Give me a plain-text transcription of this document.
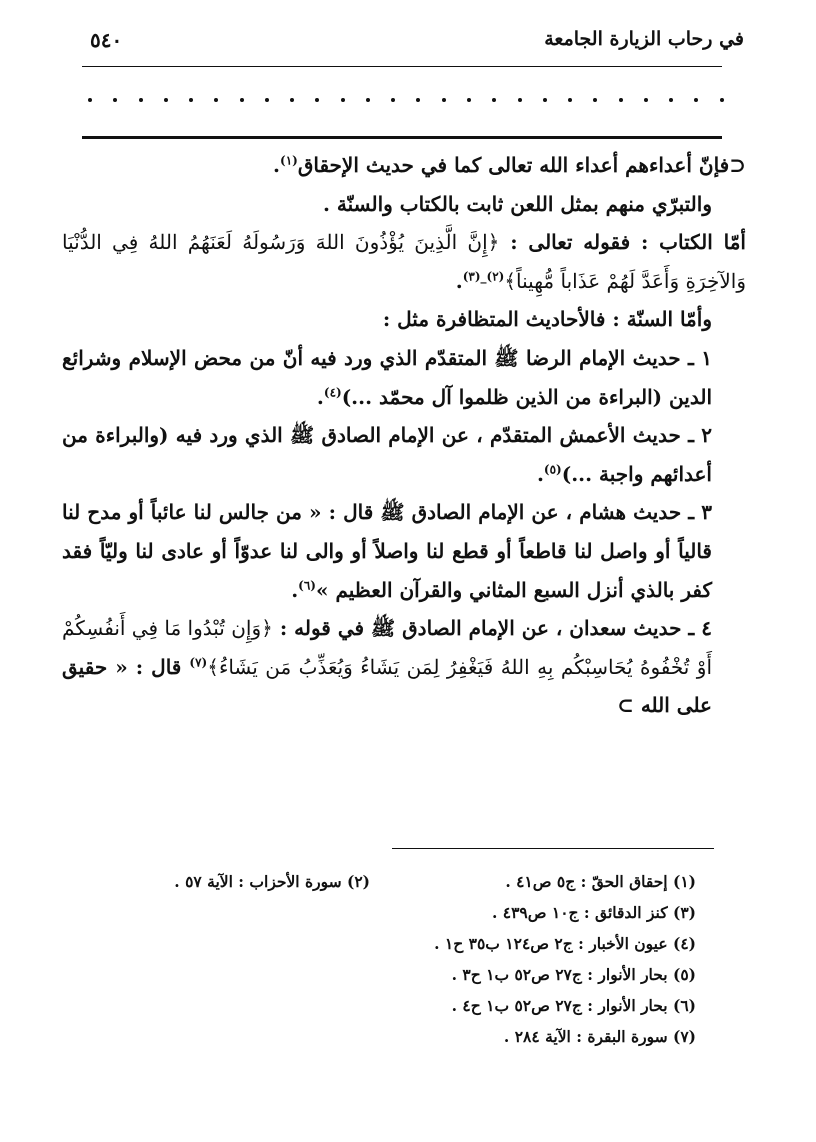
في رحاب الزيارة الجامعة
٥٤٠

⊂فإنّ أعداءهم أعداء الله تعالى كما في حديث الإحقاق$^{(١)}$.

والتبرّي منهم بمثل اللعن ثابت بالكتاب والسنّة .

أمّا الكتاب : فقوله تعالى : ﴿إِنَّ الَّذِينَ يُؤْذُونَ اللهَ وَرَسُولَهُ لَعَنَهُمُ اللهُ فِي الدُّنْيَا وَالآخِرَةِ وَأَعَدَّ لَهُمْ عَذَاباً مُّهِيناً﴾$^{(٢)\_(٣)}$.

وأمّا السنّة : فالأحاديث المتظافرة مثل :

١ ـ حديث الإمام الرضا ﷺ المتقدّم الذي ورد فيه أنّ من محض الإسلام وشرائع الدين (البراءة من الذين ظلموا آل محمّد ...)$^{(٤)}$.

٢ ـ حديث الأعمش المتقدّم ، عن الإمام الصادق ﷺ الذي ورد فيه (والبراءة من أعدائهم واجبة ...)$^{(٥)}$.

٣ ـ حديث هشام ، عن الإمام الصادق ﷺ قال : « من جالس لنا عائباً أو مدح لنا قالياً أو واصل لنا قاطعاً أو قطع لنا واصلاً أو والى لنا عدوّاً أو عادى لنا وليّاً فقد كفر بالذي أنزل السبع المثاني والقرآن العظيم »$^{(٦)}$.

٤ ـ حديث سعدان ، عن الإمام الصادق ﷺ في قوله : ﴿وَإِن تُبْدُوا مَا فِي أَنفُسِكُمْ أَوْ تُخْفُوهُ يُحَاسِبْكُم بِهِ اللهُ فَيَغْفِرُ لِمَن يَشَاءُ وَيُعَذِّبُ مَن يَشَاءُ﴾$^{(٧)}$ قال : « حقيق على الله ⊃

(١) إحقاق الحقّ : ج٥ ص٤١ .
(٢) سورة الأحزاب : الآية ٥٧ .
(٣) كنز الدقائق : ج١٠ ص٤٣٩ .
(٤) عيون الأخبار : ج٢ ص١٢٤ ب٣٥ ح١ .
(٥) بحار الأنوار : ج٢٧ ص٥٢ ب١ ح٣ .
(٦) بحار الأنوار : ج٢٧ ص٥٢ ب١ ح٤ .
(٧) سورة البقرة : الآية ٢٨٤ .
